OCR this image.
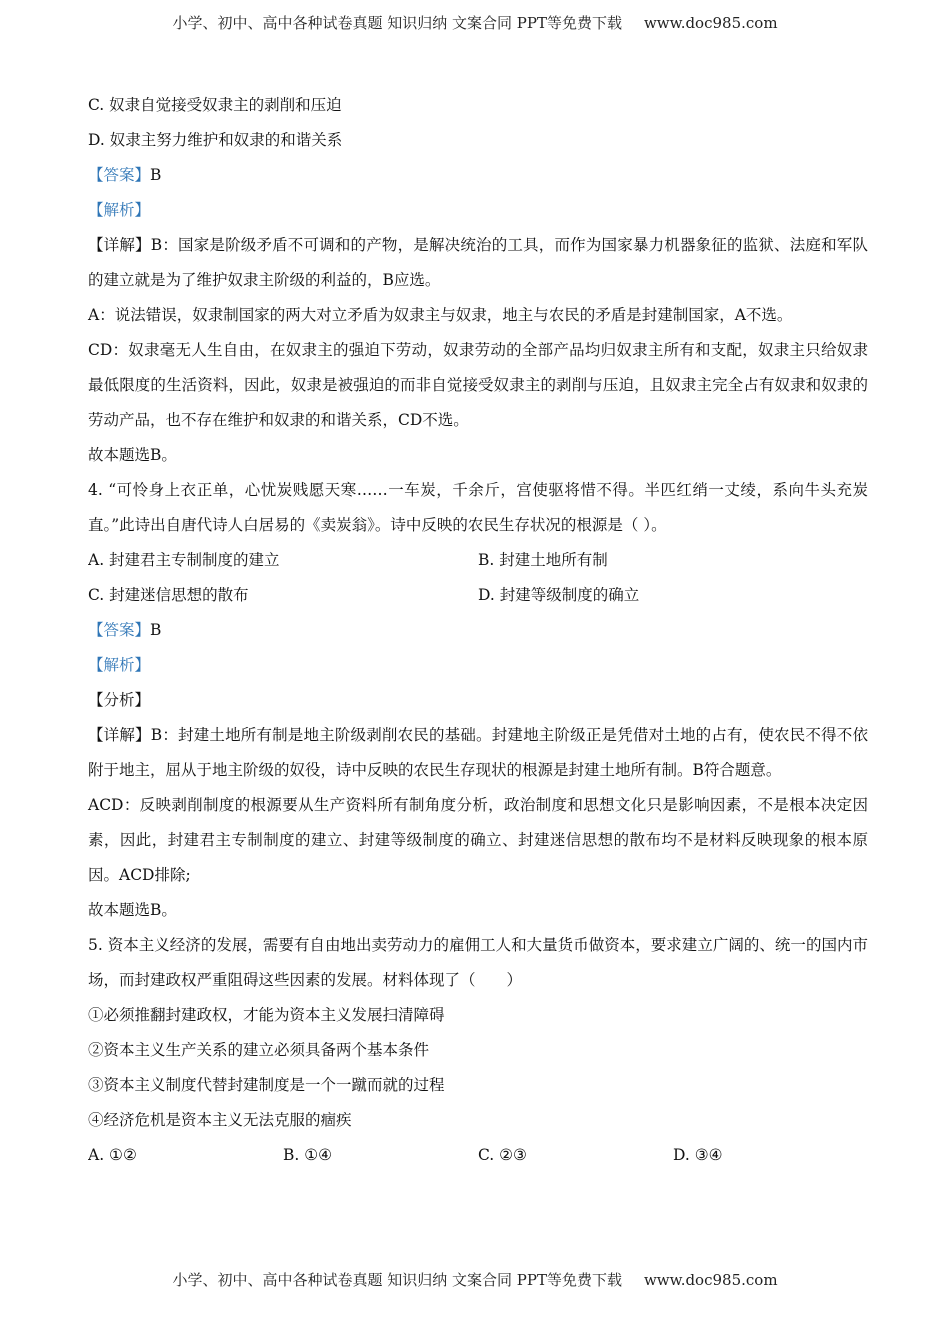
小学、初中、高中各种试卷真题 知识归纳 文案合同 PPT等免费下载 www.doc985.com
C. 奴隶自觉接受奴隶主的剥削和压迫
D. 奴隶主努力维护和奴隶的和谐关系
【答案】B
【解析】
【详解】B：国家是阶级矛盾不可调和的产物，是解决统治的工具，而作为国家暴力机器象征的监狱、法庭和军队的建立就是为了维护奴隶主阶级的利益的，B应选。
A：说法错误，奴隶制国家的两大对立矛盾为奴隶主与奴隶，地主与农民的矛盾是封建制国家，A不选。
CD：奴隶毫无人生自由，在奴隶主的强迫下劳动，奴隶劳动的全部产品均归奴隶主所有和支配，奴隶主只给奴隶最低限度的生活资料，因此，奴隶是被强迫的而非自觉接受奴隶主的剥削与压迫，且奴隶主完全占有奴隶和奴隶的劳动产品，也不存在维护和奴隶的和谐关系，CD不选。
故本题选B。
4. “可怜身上衣正单，心忧炭贱愿天寒……一车炭，千余斤，宫使驱将惜不得。半匹红绡一丈绫，系向牛头充炭直。”此诗出自唐代诗人白居易的《卖炭翁》。诗中反映的农民生存状况的根源是（ ）。
A. 封建君主专制制度的建立	B. 封建土地所有制
C. 封建迷信思想的散布	D. 封建等级制度的确立
【答案】B
【解析】
【分析】
【详解】B：封建土地所有制是地主阶级剥削农民的基础。封建地主阶级正是凭借对土地的占有，使农民不得不依附于地主，屈从于地主阶级的奴役，诗中反映的农民生存现状的根源是封建土地所有制。B符合题意。
ACD：反映剥削制度的根源要从生产资料所有制角度分析，政治制度和思想文化只是影响因素，不是根本决定因素，因此，封建君主专制制度的建立、封建等级制度的确立、封建迷信思想的散布均不是材料反映现象的根本原因。ACD排除;
故本题选B。
5. 资本主义经济的发展，需要有自由地出卖劳动力的雇佣工人和大量货币做资本，要求建立广阔的、统一的国内市场，而封建政权严重阻碍这些因素的发展。材料体现了（　　）
①必须推翻封建政权，才能为资本主义发展扫清障碍
②资本主义生产关系的建立必须具备两个基本条件
③资本主义制度代替封建制度是一个一蹴而就的过程
④经济危机是资本主义无法克服的痼疾
A. ①②	B. ①④	C. ②③	D. ③④
小学、初中、高中各种试卷真题 知识归纳 文案合同 PPT等免费下载 www.doc985.com
